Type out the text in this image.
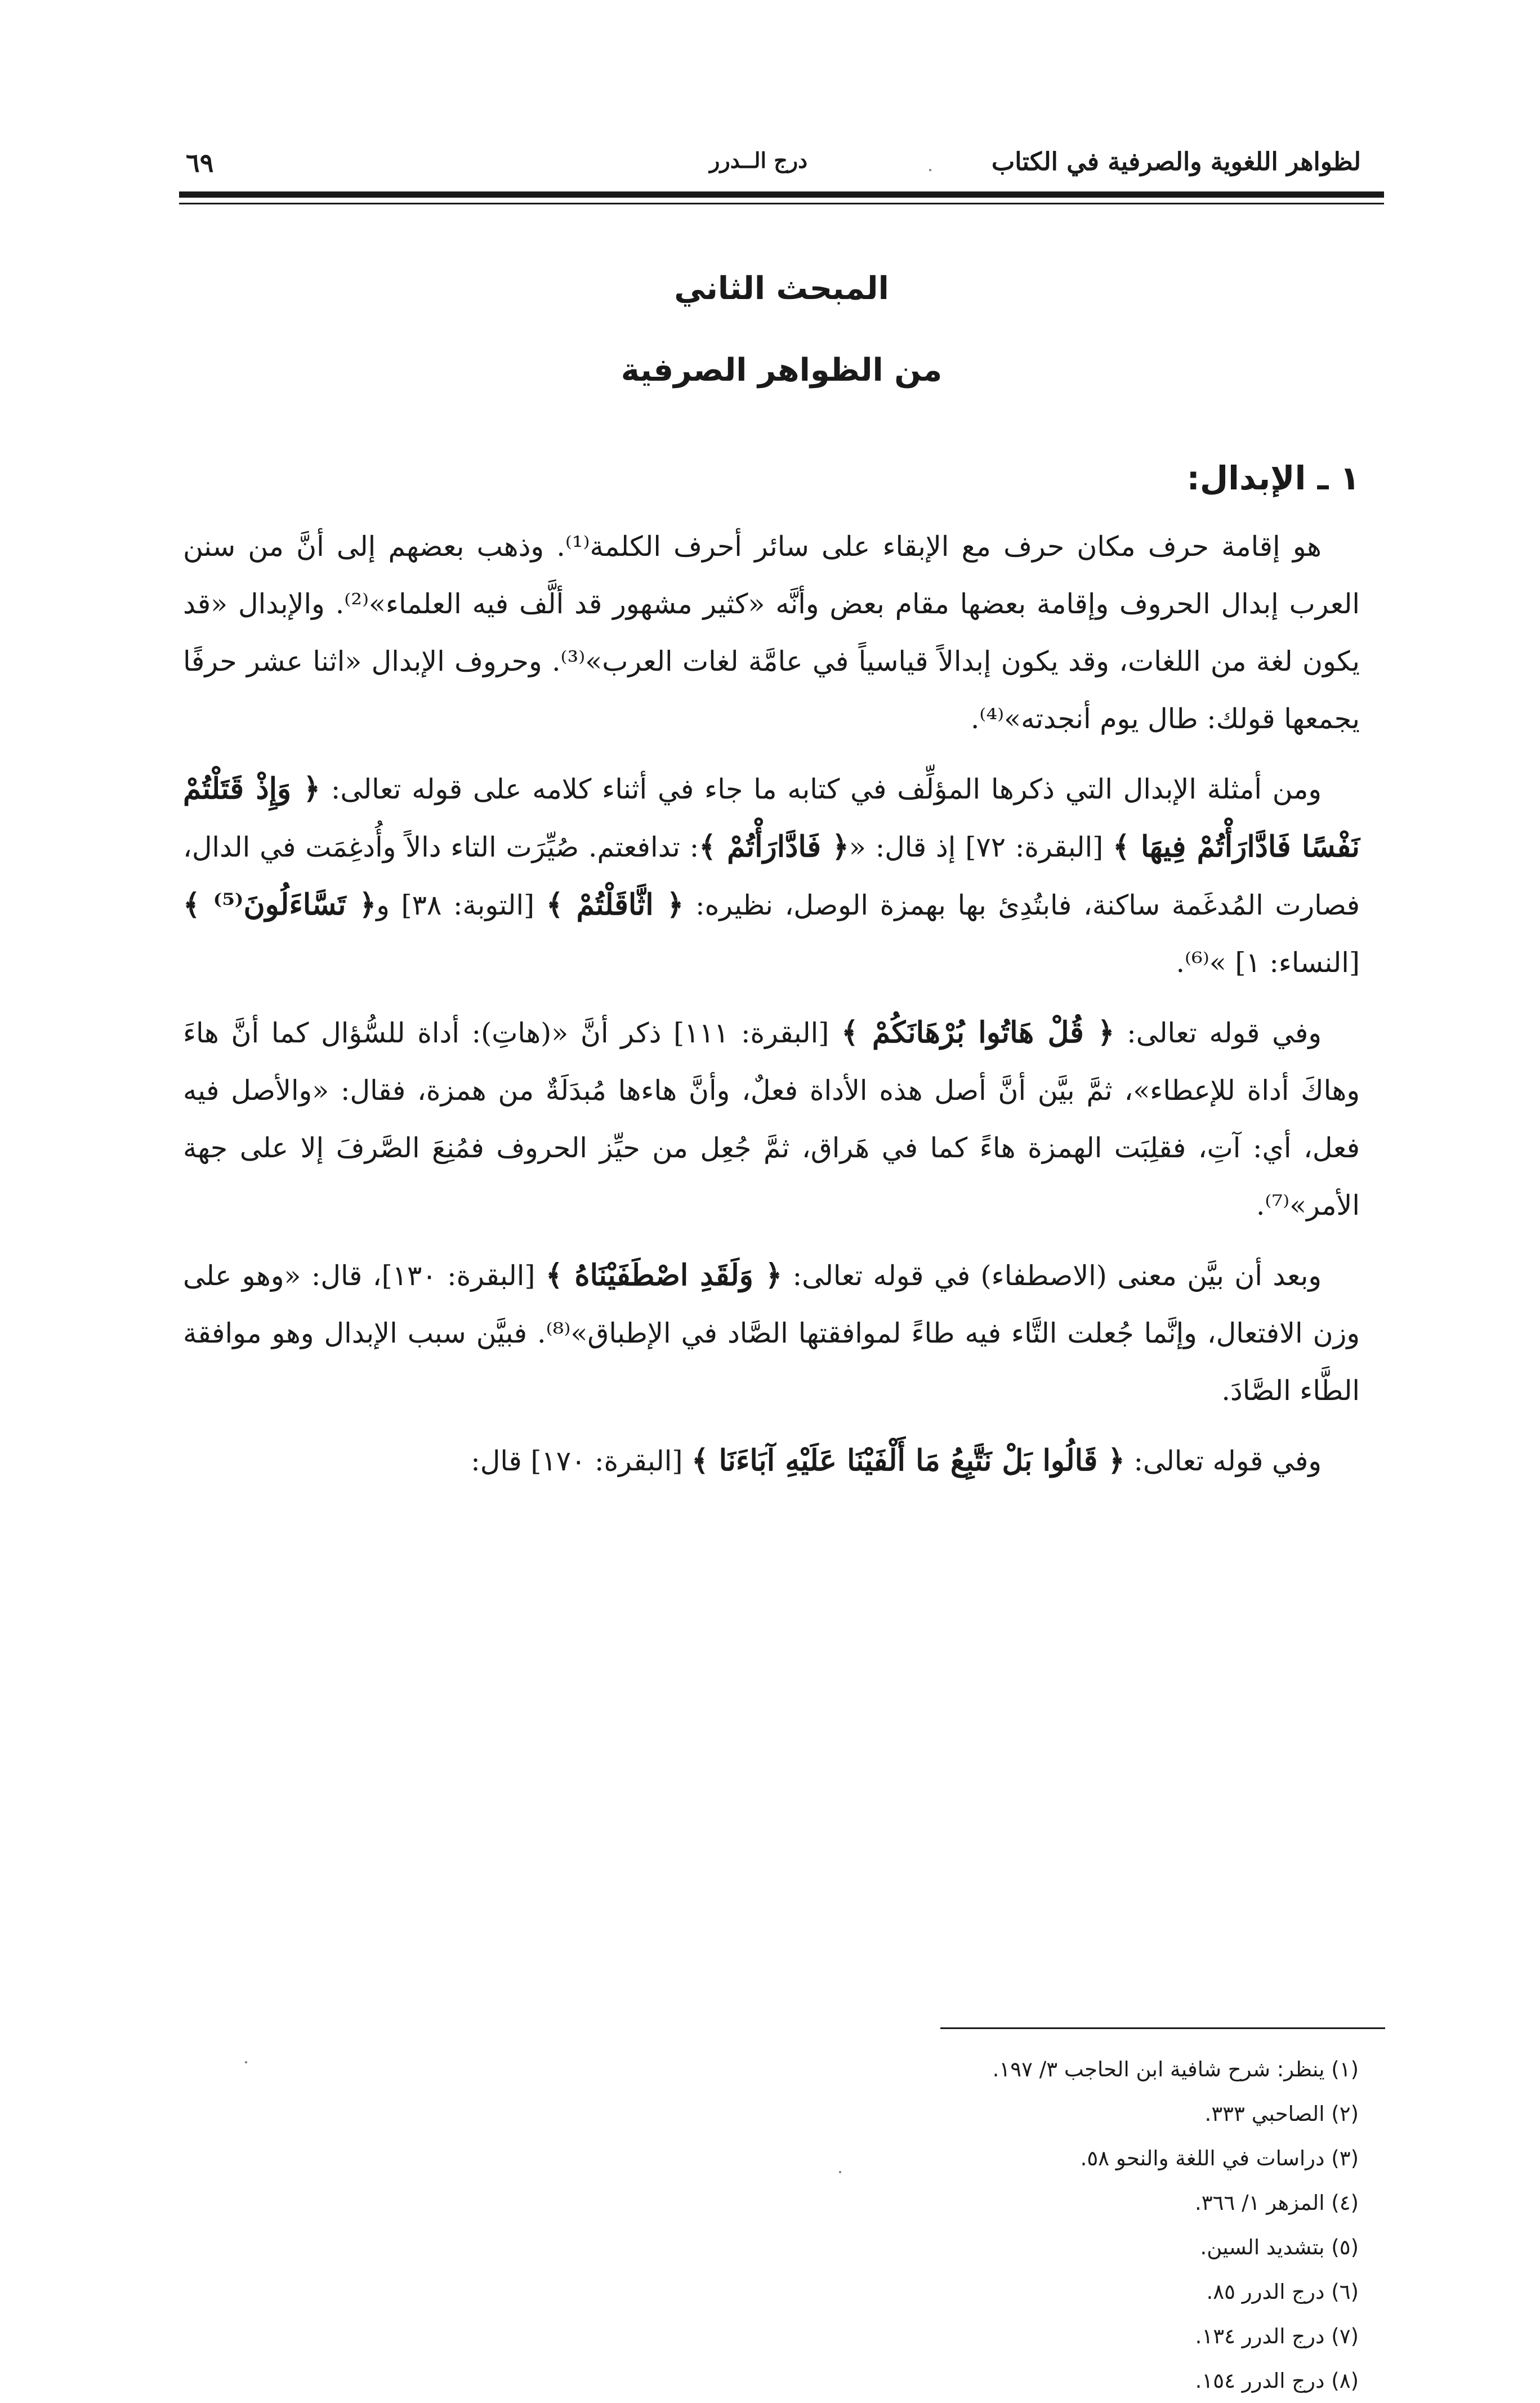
لظواهر اللغوية والصرفية في الكتاب
درج الــدرر
٦٩
المبحث الثاني
من الظواهر الصرفية
١ ـ الإبدال:

هو إقامة حرف مكان حرف مع الإبقاء على سائر أحرف الكلمة⁽¹⁾. وذهب بعضهم إلى أنَّ من سنن العرب إبدال الحروف وإقامة بعضها مقام بعض وأنَّه «كثير مشهور قد ألَّف فيه العلماء»⁽²⁾. والإبدال «قد يكون لغة من اللغات، وقد يكون إبدالاً قياسياً في عامَّة لغات العرب»⁽³⁾. وحروف الإبدال «اثنا عشر حرفًا يجمعها قولك: طال يوم أنجدته»⁽⁴⁾.

ومن أمثلة الإبدال التي ذكرها المؤلِّف في كتابه ما جاء في أثناء كلامه على قوله تعالى: ﴿ وَإِذْ قَتَلْتُمْ نَفْسًا فَادَّارَأْتُمْ فِيهَا ﴾ [البقرة: ٧٢] إذ قال: «﴿ فَادَّارَأْتُمْ ﴾: تدافعتم. صُيِّرَت التاء دالاً وأُدغِمَت في الدال، فصارت المُدغَمة ساكنة، فابتُدِئ بها بهمزة الوصل، نظيره: ﴿ اثَّاقَلْتُمْ ﴾ [التوبة: ٣٨] و﴿ تَسَّاءَلُونَ⁽⁵⁾ ﴾ [النساء: ١] »⁽⁶⁾.

وفي قوله تعالى: ﴿ قُلْ هَاتُوا بُرْهَانَكُمْ ﴾ [البقرة: ١١١] ذكر أنَّ «(هاتِ): أداة للسُّؤال كما أنَّ هاءَ وهاكَ أداة للإعطاء»، ثمَّ بيَّن أنَّ أصل هذه الأداة فعلٌ، وأنَّ هاءها مُبدَلَةٌ من همزة، فقال: «والأصل فيه فعل، أي: آتِ، فقلِبَت الهمزة هاءً كما في هَراق، ثمَّ جُعِل من حيِّز الحروف فمُنِعَ الصَّرفَ إلا على جهة الأمر»⁽⁷⁾.

وبعد أن بيَّن معنى (الاصطفاء) في قوله تعالى: ﴿ وَلَقَدِ اصْطَفَيْنَاهُ ﴾ [البقرة: ١٣٠]، قال: «وهو على وزن الافتعال، وإنَّما جُعلت التَّاء فيه طاءً لموافقتها الصَّاد في الإطباق»⁽⁸⁾. فبيَّن سبب الإبدال وهو موافقة الطَّاء الصَّادَ.

وفي قوله تعالى: ﴿ قَالُوا بَلْ نَتَّبِعُ مَا أَلْفَيْنَا عَلَيْهِ آبَاءَنَا ﴾ [البقرة: ١٧٠] قال:

(١) ينظر: شرح شافية ابن الحاجب ٣/ ١٩٧.
(٢) الصاحبي ٣٣٣.
(٣) دراسات في اللغة والنحو ٥٨.
(٤) المزهر ١/ ٣٦٦.
(٥) بتشديد السين.
(٦) درج الدرر ٨٥.
(٧) درج الدرر ١٣٤.
(٨) درج الدرر ١٥٤.
